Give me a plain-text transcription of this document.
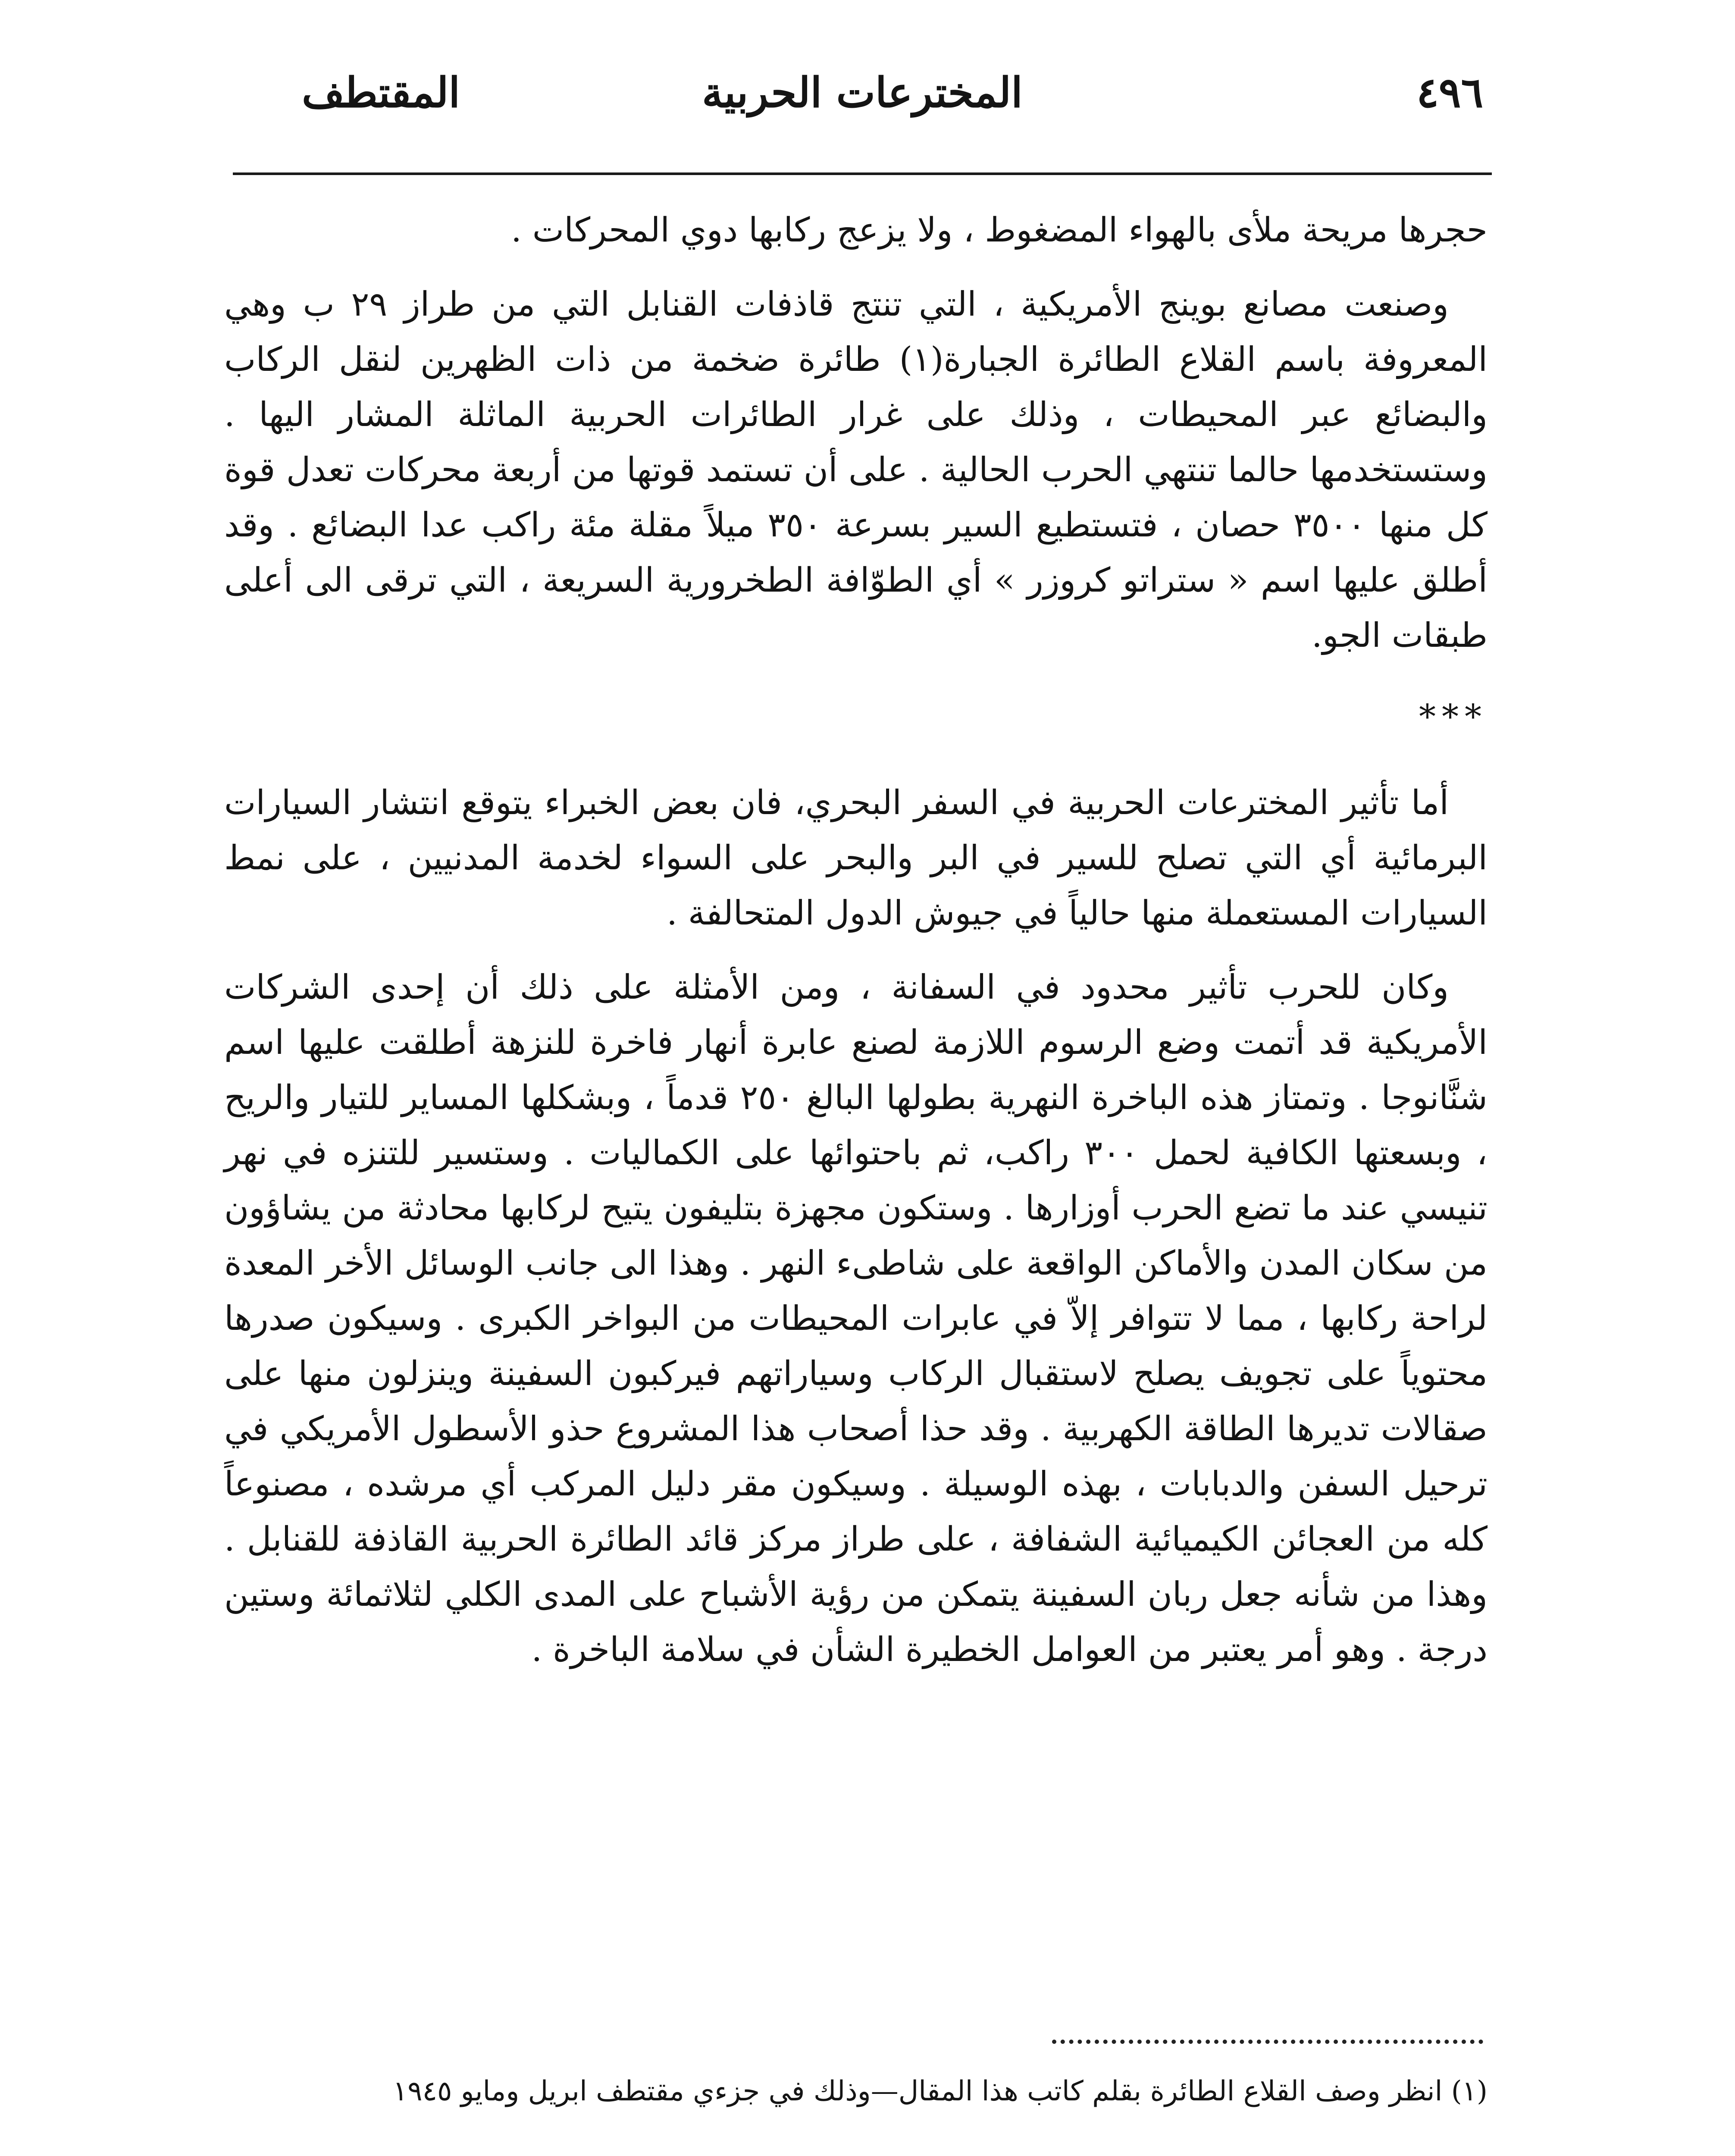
٤٩٦
المخترعات الحربية
المقتطف

حجرها مريحة ملأى بالهواء المضغوط ، ولا يزعج ركابها دوي المحركات .

وصنعت مصانع بوينج الأمريكية ، التي تنتج قاذفات القنابل التي من طراز ٢٩ ب وهي المعروفة باسم القلاع الطائرة الجبارة(١) طائرة ضخمة من ذات الظهرين لنقل الركاب والبضائع عبر المحيطات ، وذلك على غرار الطائرات الحربية الماثلة المشار اليها . وستستخدمها حالما تنتهي الحرب الحالية . على أن تستمد قوتها من أربعة محركات تعدل قوة كل منها ٣٥٠٠ حصان ، فتستطيع السير بسرعة ٣٥٠ ميلاً مقلة مئة راكب عدا البضائع . وقد أطلق عليها اسم « ستراتو كروزر » أي الطوّافة الطخرورية السريعة ، التي ترقى الى أعلى طبقات الجو.

***

أما تأثير المخترعات الحربية في السفر البحري، فان بعض الخبراء يتوقع انتشار السيارات البرمائية أي التي تصلح للسير في البر والبحر على السواء لخدمة المدنيين ، على نمط السيارات المستعملة منها حالياً في جيوش الدول المتحالفة .

وكان للحرب تأثير محدود في السفانة ، ومن الأمثلة على ذلك أن إحدى الشركات الأمريكية قد أتمت وضع الرسوم اللازمة لصنع عابرة أنهار فاخرة للنزهة أطلقت عليها اسم شنَّانوجا . وتمتاز هذه الباخرة النهرية بطولها البالغ ٢٥٠ قدماً ، وبشكلها المساير للتيار والريح ، وبسعتها الكافية لحمل ٣٠٠ راكب، ثم باحتوائها على الكماليات . وستسير للتنزه في نهر تنيسي عند ما تضع الحرب أوزارها . وستكون مجهزة بتليفون يتيح لركابها محادثة من يشاؤون من سكان المدن والأماكن الواقعة على شاطىء النهر . وهذا الى جانب الوسائل الأخر المعدة لراحة ركابها ، مما لا تتوافر إلاّ في عابرات المحيطات من البواخر الكبرى . وسيكون صدرها محتوياً على تجويف يصلح لاستقبال الركاب وسياراتهم فيركبون السفينة وينزلون منها على صقالات تديرها الطاقة الكهربية . وقد حذا أصحاب هذا المشروع حذو الأسطول الأمريكي في ترحيل السفن والدبابات ، بهذه الوسيلة . وسيكون مقر دليل المركب أي مرشده ، مصنوعاً كله من العجائن الكيميائية الشفافة ، على طراز مركز قائد الطائرة الحربية القاذفة للقنابل . وهذا من شأنه جعل ربان السفينة يتمكن من رؤية الأشباح على المدى الكلي لثلاثمائة وستين درجة . وهو أمر يعتبر من العوامل الخطيرة الشأن في سلامة الباخرة .

(١) انظر وصف القلاع الطائرة بقلم كاتب هذا المقال—وذلك في جزءي مقتطف ابريل ومايو ١٩٤٥
